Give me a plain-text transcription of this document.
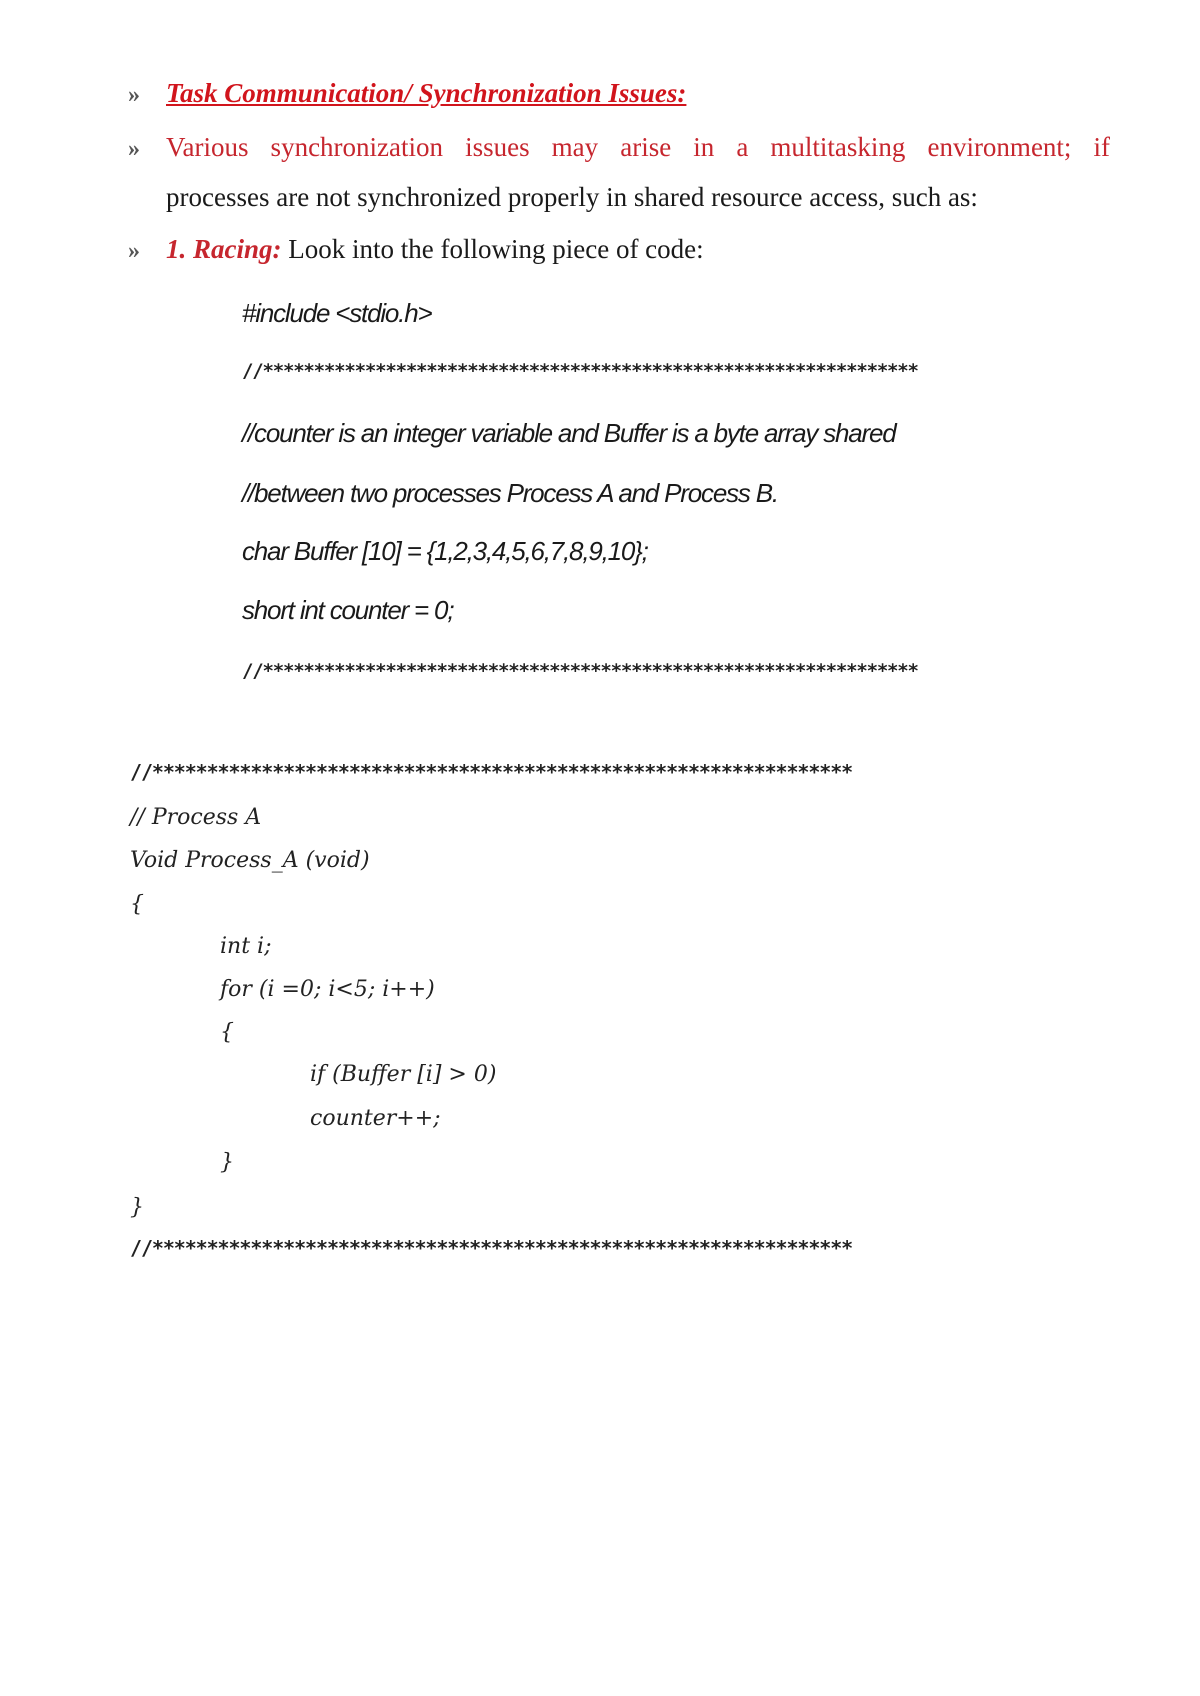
» Task Communication/ Synchronization Issues:
» Various synchronization issues may arise in a multitasking environment; if
processes are not synchronized properly in shared resource access, such as:
» 1. Racing: Look into the following piece of code:
#include <stdio.h>
//****************************************************************
//counter is an integer variable and Buffer is a byte array shared
//between two processes Process A and Process B.
char Buffer [10] = {1,2,3,4,5,6,7,8,9,10};
short int counter = 0;
//****************************************************************
//****************************************************************
// Process A
Void Process_A (void)
{
int i;
for (i =0; i<5; i++)
{
if (Buffer [i] > 0)
counter++;
}
}
//****************************************************************
